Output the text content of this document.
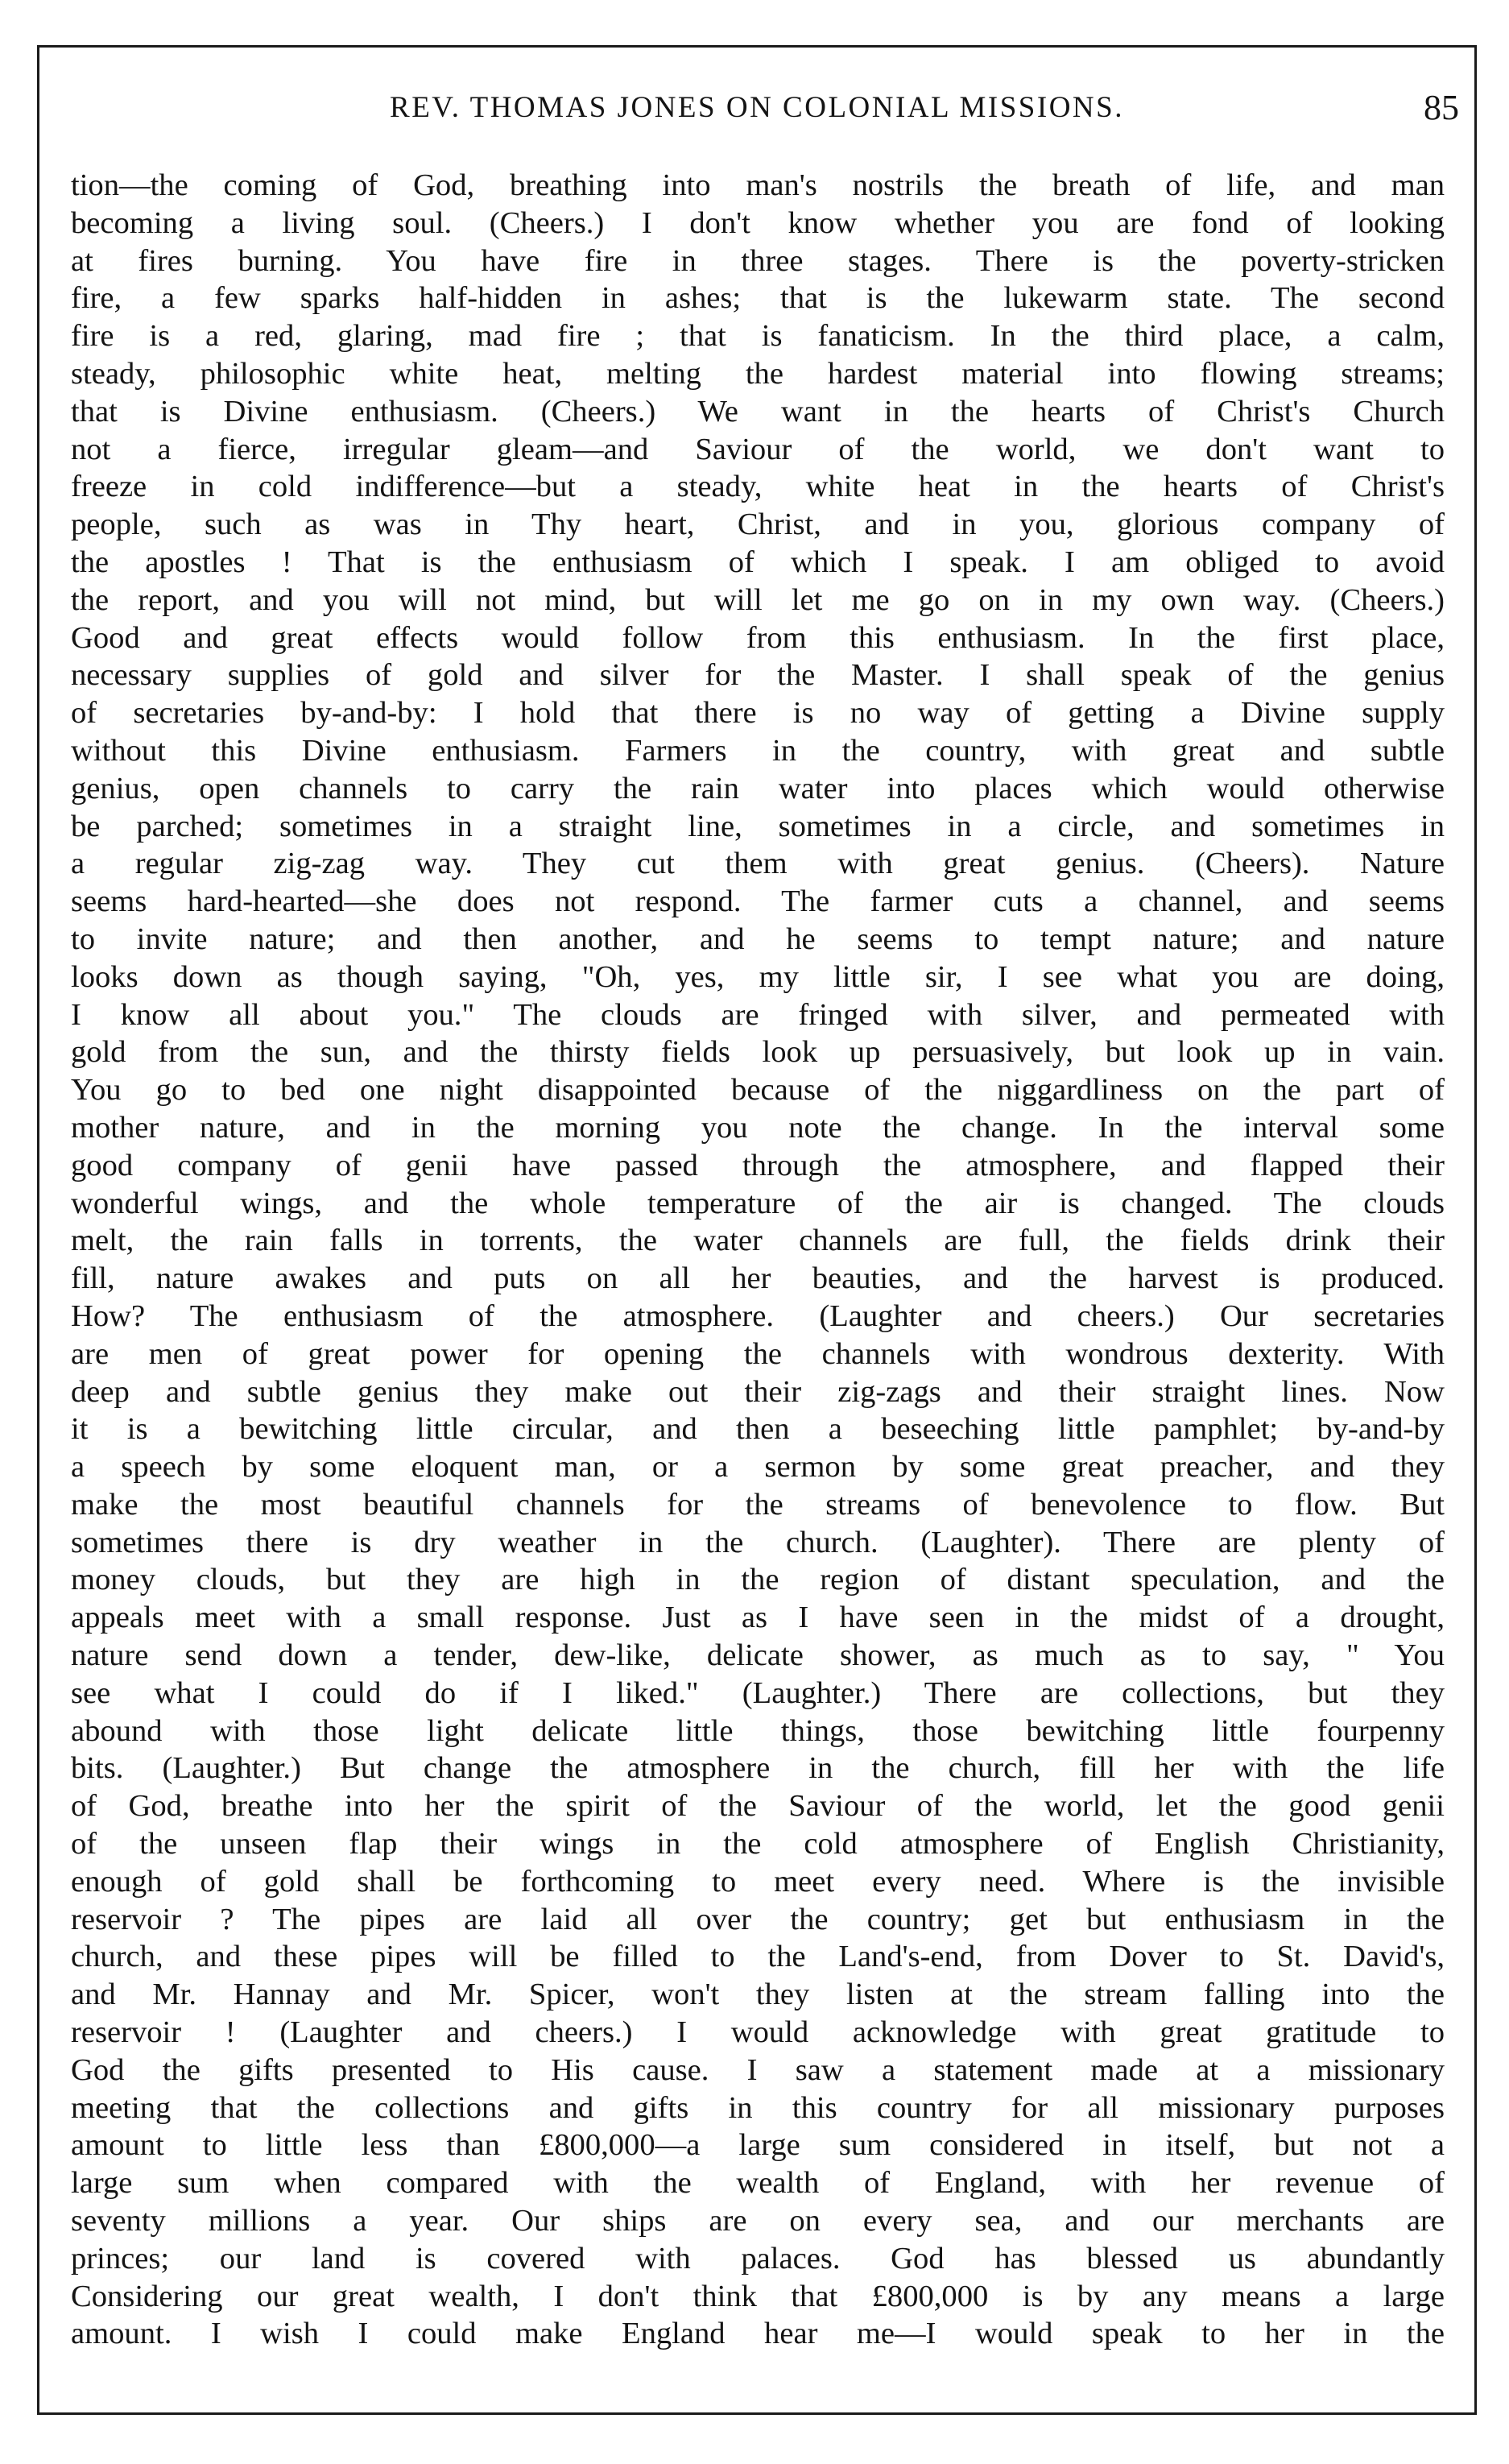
REV. THOMAS JONES ON COLONIAL MISSIONS.	85
tion—the coming of God, breathing into man's nostrils the breath of life, and man
becoming a living soul. (Cheers.) I don't know whether you are fond of looking
at fires burning. You have fire in three stages. There is the poverty-stricken
fire, a few sparks half-hidden in ashes; that is the lukewarm state. The second
fire is a red, glaring, mad fire ; that is fanaticism. In the third place, a calm,
steady, philosophic white heat, melting the hardest material into flowing streams;
that is Divine enthusiasm. (Cheers.) We want in the hearts of Christ's Church
not a fierce, irregular gleam—and Saviour of the world, we don't want to
freeze in cold indifference—but a steady, white heat in the hearts of Christ's
people, such as was in Thy heart, Christ, and in you, glorious company of
the apostles ! That is the enthusiasm of which I speak. I am obliged to avoid
the report, and you will not mind, but will let me go on in my own way. (Cheers.)
Good and great effects would follow from this enthusiasm. In the first place,
necessary supplies of gold and silver for the Master. I shall speak of the genius
of secretaries by-and-by: I hold that there is no way of getting a Divine supply
without this Divine enthusiasm. Farmers in the country, with great and subtle
genius, open channels to carry the rain water into places which would otherwise
be parched; sometimes in a straight line, sometimes in a circle, and sometimes in
a regular zig-zag way. They cut them with great genius. (Cheers). Nature
seems hard-hearted—she does not respond. The farmer cuts a channel, and seems
to invite nature; and then another, and he seems to tempt nature; and nature
looks down as though saying, "Oh, yes, my little sir, I see what you are doing,
I know all about you." The clouds are fringed with silver, and permeated with
gold from the sun, and the thirsty fields look up persuasively, but look up in vain.
You go to bed one night disappointed because of the niggardliness on the part of
mother nature, and in the morning you note the change. In the interval some
good company of genii have passed through the atmosphere, and flapped their
wonderful wings, and the whole temperature of the air is changed. The clouds
melt, the rain falls in torrents, the water channels are full, the fields drink their
fill, nature awakes and puts on all her beauties, and the harvest is produced.
How? The enthusiasm of the atmosphere. (Laughter and cheers.) Our secretaries
are men of great power for opening the channels with wondrous dexterity. With
deep and subtle genius they make out their zig-zags and their straight lines. Now
it is a bewitching little circular, and then a beseeching little pamphlet; by-and-by
a speech by some eloquent man, or a sermon by some great preacher, and they
make the most beautiful channels for the streams of benevolence to flow. But
sometimes there is dry weather in the church. (Laughter). There are plenty of
money clouds, but they are high in the region of distant speculation, and the
appeals meet with a small response. Just as I have seen in the midst of a drought,
nature send down a tender, dew-like, delicate shower, as much as to say, " You
see what I could do if I liked." (Laughter.) There are collections, but they
abound with those light delicate little things, those bewitching little fourpenny
bits. (Laughter.) But change the atmosphere in the church, fill her with the life
of God, breathe into her the spirit of the Saviour of the world, let the good genii
of the unseen flap their wings in the cold atmosphere of English Christianity,
enough of gold shall be forthcoming to meet every need. Where is the invisible
reservoir ? The pipes are laid all over the country; get but enthusiasm in the
church, and these pipes will be filled to the Land's-end, from Dover to St. David's,
and Mr. Hannay and Mr. Spicer, won't they listen at the stream falling into the
reservoir ! (Laughter and cheers.) I would acknowledge with great gratitude to
God the gifts presented to His cause. I saw a statement made at a missionary
meeting that the collections and gifts in this country for all missionary purposes
amount to little less than £800,000—a large sum considered in itself, but not a
large sum when compared with the wealth of England, with her revenue of
seventy millions a year. Our ships are on every sea, and our merchants are
princes; our land is covered with palaces. God has blessed us abundantly
Considering our great wealth, I don't think that £800,000 is by any means a large
amount. I wish I could make England hear me—I would speak to her in the
